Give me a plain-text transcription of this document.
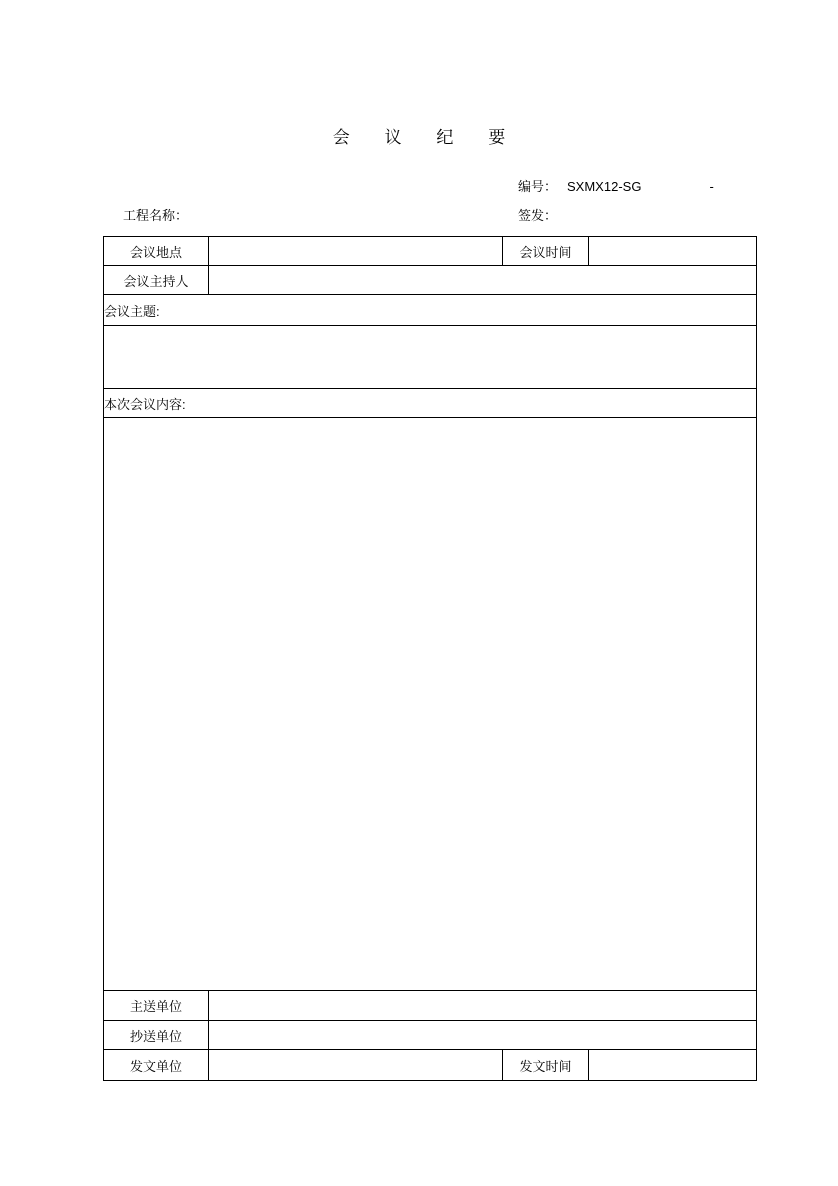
会议纪要
编号： SXMX12-SG	-
工程名称：	签发：
会议地点		会议时间	
会议主持人			
会议主题:			

本次会议内容:			

主送单位			
抄送单位			
发文单位		发文时间	
